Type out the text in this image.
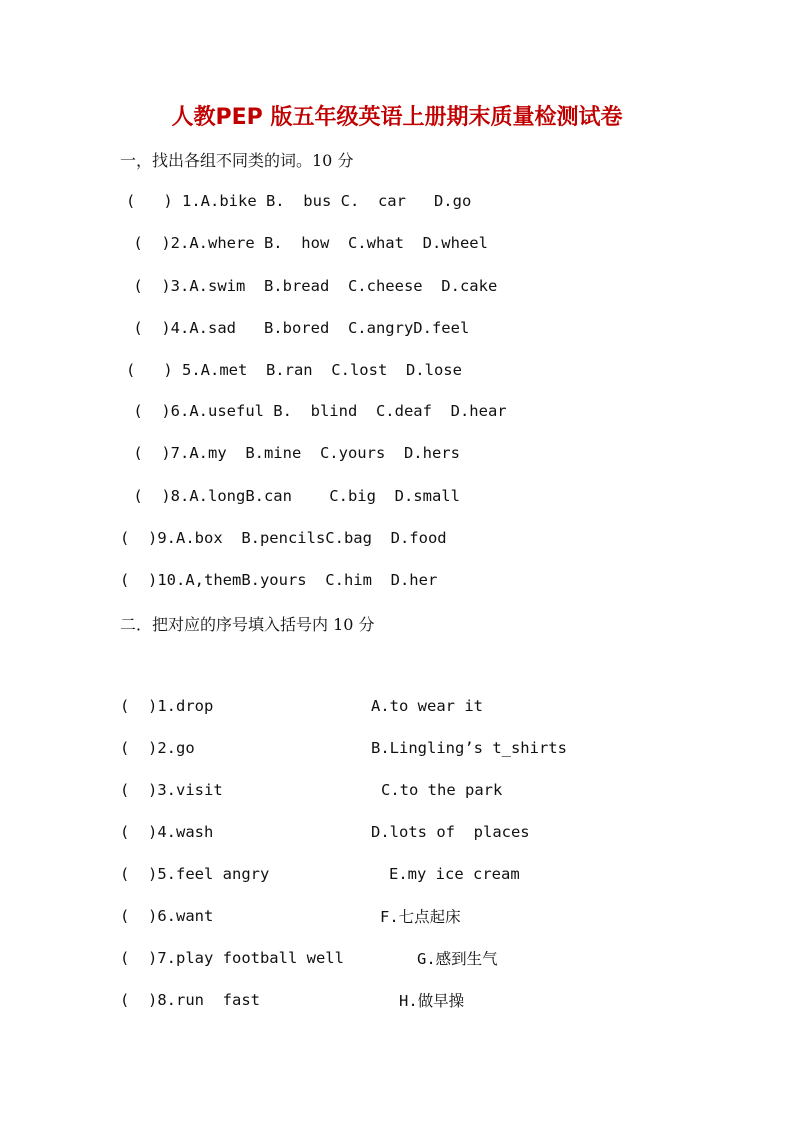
人教PEP 版五年级英语上册期末质量检测试卷

一，找出各组不同类的词。10 分

(   ) 1.A.bike B.  bus C.  car   D.go

(  )2.A.where B.  how  C.what  D.wheel

(  )3.A.swim  B.bread  C.cheese  D.cake

(  )4.A.sad   B.bored  C.angryD.feel

(   ) 5.A.met  B.ran  C.lost  D.lose

(  )6.A.useful B.  blind  C.deaf  D.hear

(  )7.A.my  B.mine  C.yours  D.hers

(  )8.A.longB.can    C.big  D.small

(  )9.A.box  B.pencilsC.bag  D.food

(  )10.A,themB.yours  C.him  D.her

二．把对应的序号填入括号内 10 分

(  )1.drop	A.to wear it
(  )2.go	B.Lingling’s t_shirts
(  )3.visit	C.to the park
(  )4.wash	D.lots of  places
(  )5.feel angry	E.my ice cream
(  )6.want	F.七点起床
(  )7.play football well	G.感到生气
(  )8.run  fast	H.做早操
